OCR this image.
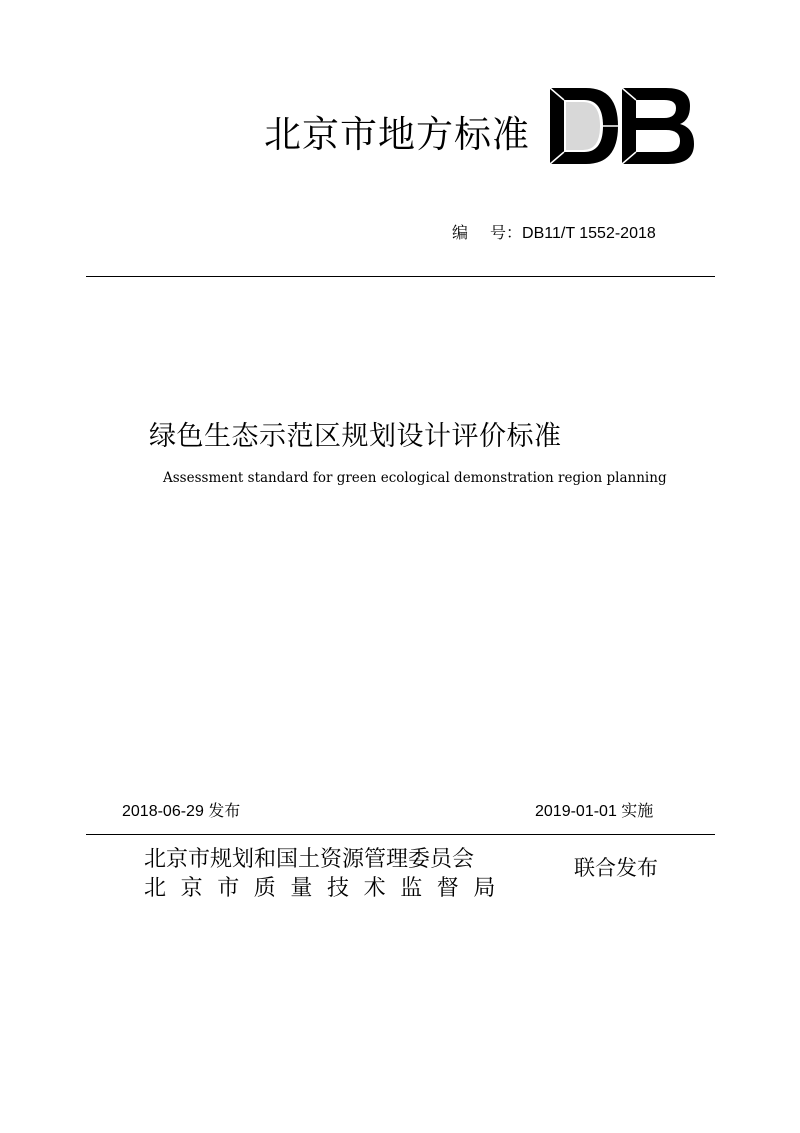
北京市地方标准
编 号：DB11/T 1552-2018
绿色生态示范区规划设计评价标准
Assessment standard for green ecological demonstration region planning
2018-06-29 发布	2019-01-01 实施
北京市规划和国土资源管理委员会
北京市质量技术监督局
联合发布
